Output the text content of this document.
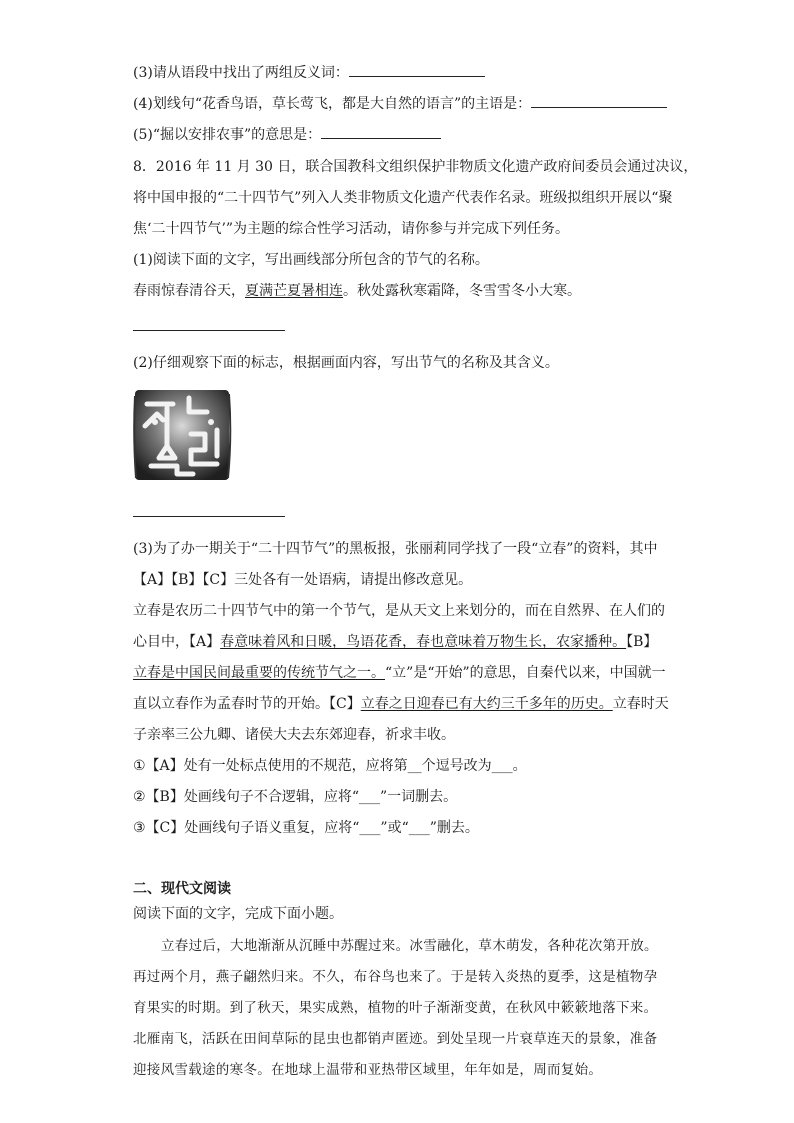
(3)请从语段中找出了两组反义词：
(4)划线句“花香鸟语，草长莺飞，都是大自然的语言”的主语是：
(5)“掘以安排农事”的意思是：
8．2016 年 11 月 30 日，联合国教科文组织保护非物质文化遗产政府间委员会通过决议，
将中国申报的“二十四节气”列入人类非物质文化遗产代表作名录。班级拟组织开展以“聚
焦‘二十四节气’”为主题的综合性学习活动，请你参与并完成下列任务。
(1)阅读下面的文字，写出画线部分所包含的节气的名称。
春雨惊春清谷天，夏满芒夏暑相连。秋处露秋寒霜降，冬雪雪冬小大寒。
(2)仔细观察下面的标志，根据画面内容，写出节气的名称及其含义。
(3)为了办一期关于“二十四节气”的黑板报，张丽莉同学找了一段“立春”的资料，其中
【A】【B】【C】三处各有一处语病，请提出修改意见。
立春是农历二十四节气中的第一个节气，是从天文上来划分的，而在自然界、在人们的
心目中，【A】春意味着风和日暖，鸟语花香，春也意味着万物生长，农家播种。【B】
立春是中国民间最重要的传统节气之一。“立”是“开始”的意思，自秦代以来，中国就一
直以立春作为孟春时节的开始。【C】立春之日迎春已有大约三千多年的历史。立春时天
子亲率三公九卿、诸侯大夫去东郊迎春，祈求丰收。
①【A】处有一处标点使用的不规范，应将第__个逗号改为___。
②【B】处画线句子不合逻辑，应将“___”一词删去。
③【C】处画线句子语义重复，应将“___”或“___”删去。
二、现代文阅读
阅读下面的文字，完成下面小题。
立春过后，大地渐渐从沉睡中苏醒过来。冰雪融化，草木萌发，各种花次第开放。
再过两个月，燕子翩然归来。不久，布谷鸟也来了。于是转入炎热的夏季，这是植物孕
育果实的时期。到了秋天，果实成熟，植物的叶子渐渐变黄，在秋风中簌簌地落下来。
北雁南飞，活跃在田间草际的昆虫也都销声匿迹。到处呈现一片衰草连天的景象，准备
迎接风雪载途的寒冬。在地球上温带和亚热带区域里，年年如是，周而复始。
